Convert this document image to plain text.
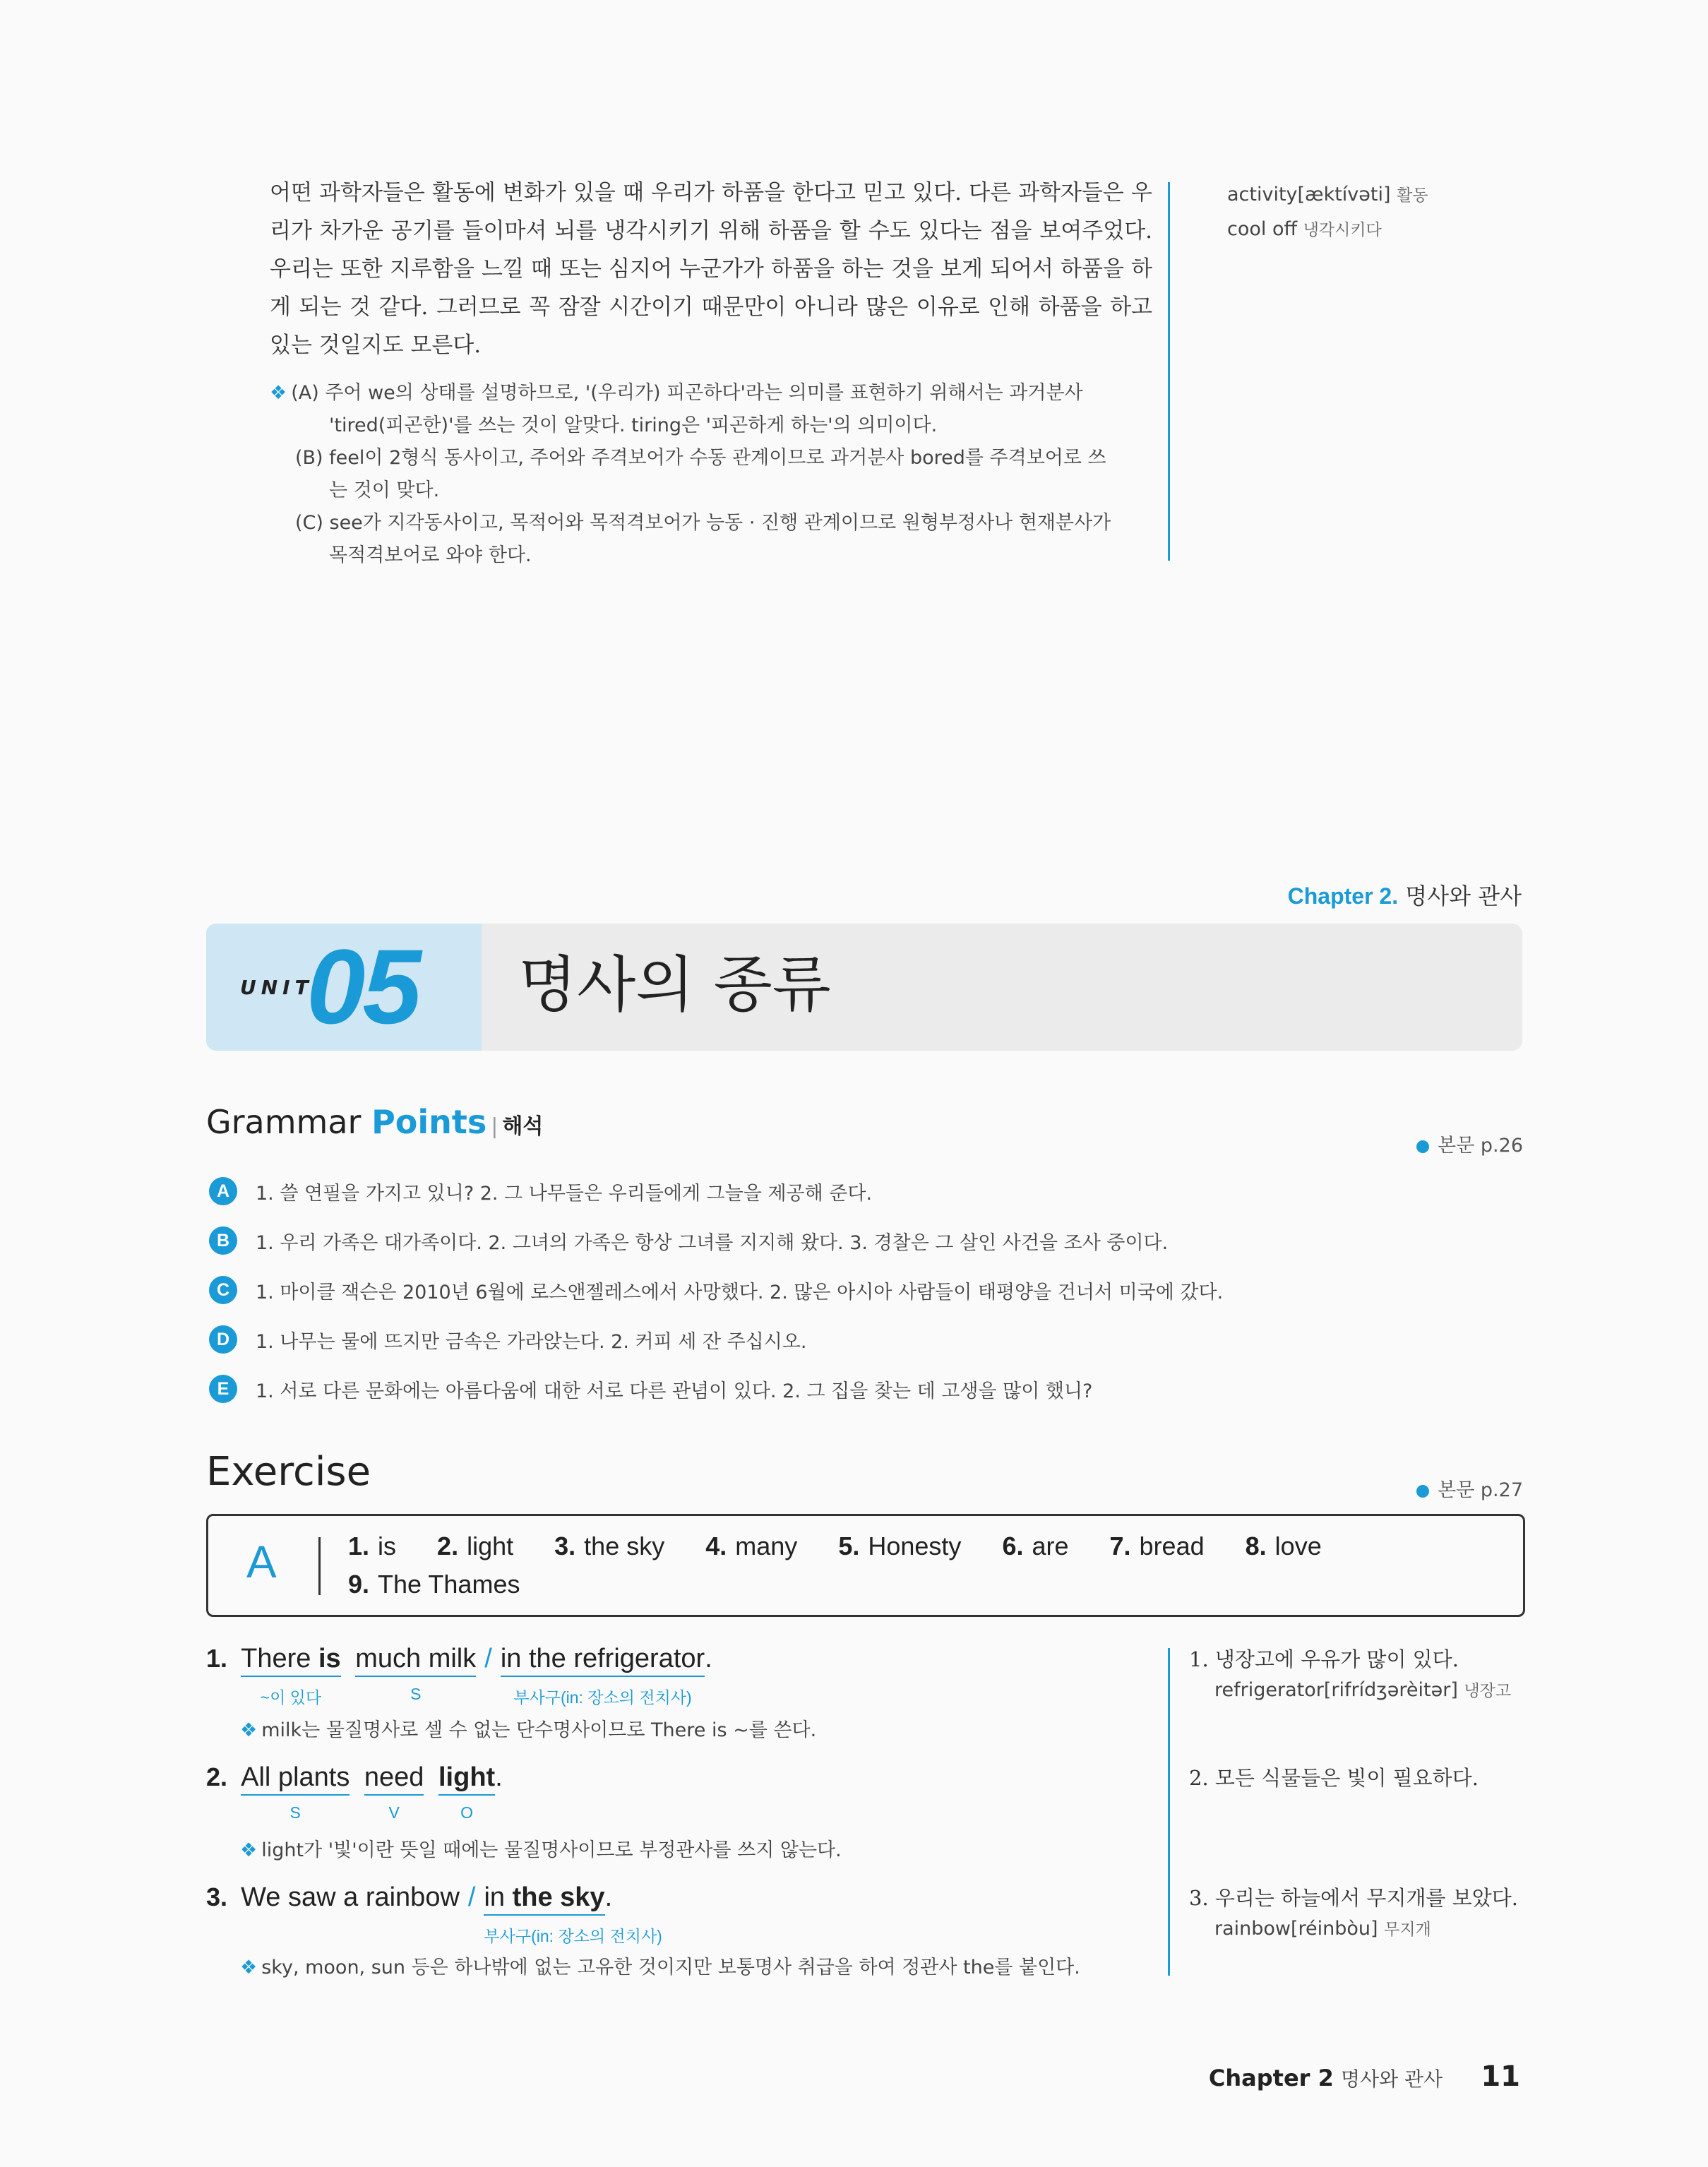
어떤 과학자들은 활동에 변화가 있을 때 우리가 하품을 한다고 믿고 있다. 다른 과학자들은 우리가 차가운 공기를 들이마셔 뇌를 냉각시키기 위해 하품을 할 수도 있다는 점을 보여주었다. 우리는 또한 지루함을 느낄 때 또는 심지어 누군가가 하품을 하는 것을 보게 되어서 하품을 하게 되는 것 같다. 그러므로 꼭 잠잘 시간이기 때문만이 아니라 많은 이유로 인해 하품을 하고 있는 것일지도 모른다.
❖ (A) 주어 we의 상태를 설명하므로, '(우리가) 피곤하다'라는 의미를 표현하기 위해서는 과거분사
'tired(피곤한)'를 쓰는 것이 알맞다. tiring은 '피곤하게 하는'의 의미이다.
(B) feel이 2형식 동사이고, 주어와 주격보어가 수동 관계이므로 과거분사 bored를 주격보어로 쓰
는 것이 맞다.
(C) see가 지각동사이고, 목적어와 목적격보어가 능동 · 진행 관계이므로 원형부정사나 현재분사가
목적격보어로 와야 한다.
activity[æktívəti] 활동
cool off 냉각시키다
Chapter 2. 명사와 관사
UNIT
05 명사의 종류
Grammar Points | 해석
본문 p.26
A	1. 쓸 연필을 가지고 있니? 2. 그 나무들은 우리들에게 그늘을 제공해 준다.
B	1. 우리 가족은 대가족이다. 2. 그녀의 가족은 항상 그녀를 지지해 왔다. 3. 경찰은 그 살인 사건을 조사 중이다.
C	1. 마이클 잭슨은 2010년 6월에 로스앤젤레스에서 사망했다. 2. 많은 아시아 사람들이 태평양을 건너서 미국에 갔다.
D	1. 나무는 물에 뜨지만 금속은 가라앉는다. 2. 커피 세 잔 주십시오.
E	1. 서로 다른 문화에는 아름다움에 대한 서로 다른 관념이 있다. 2. 그 집을 찾는 데 고생을 많이 했니?
Exercise	본문 p.27
A	1. is 2. light 3. the sky 4. many 5. Honesty 6. are 7. bread 8. love
9. The Thames
1. There is
~이 있다
much milk
S
/ in the refrigerator
부사구(in: 장소의 전치사)
.
❖ milk는 물질명사로 셀 수 없는 단수명사이므로 There is ~를 쓴다.
2. All plants
S
need
V
light
O
.
❖ light가 '빛'이란 뜻일 때에는 물질명사이므로 부정관사를 쓰지 않는다.
3. We saw a rainbow / in the sky
부사구(in: 장소의 전치사)
.
❖ sky, moon, sun 등은 하나밖에 없는 고유한 것이지만 보통명사 취급을 하여 정관사 the를 붙인다.
1. 냉장고에 우유가 많이 있다.
refrigerator[rifrídʒərèitər] 냉장고
2. 모든 식물들은 빛이 필요하다.
3. 우리는 하늘에서 무지개를 보았다.
rainbow[réinbòu] 무지개
Chapter 2 명사와 관사 11
